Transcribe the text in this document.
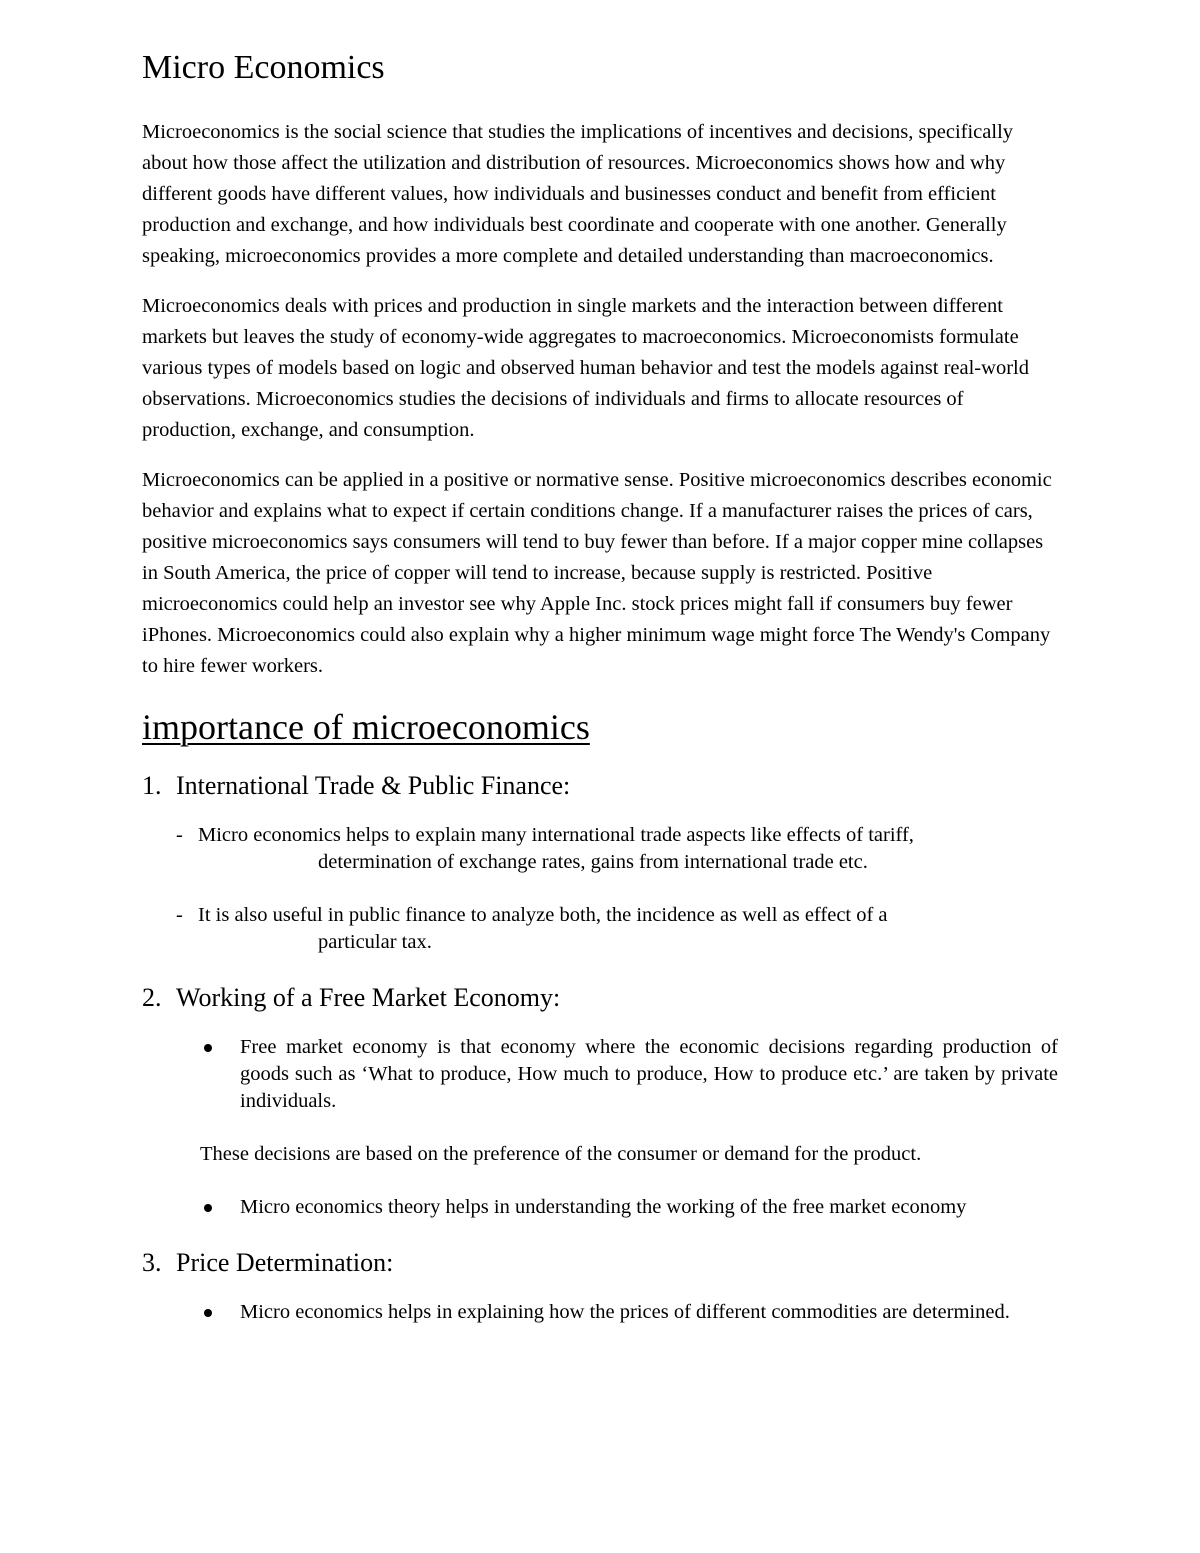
Micro Economics

Microeconomics is the social science that studies the implications of incentives and decisions, specifically about how those affect the utilization and distribution of resources. Microeconomics shows how and why different goods have different values, how individuals and businesses conduct and benefit from efficient production and exchange, and how individuals best coordinate and cooperate with one another. Generally speaking, microeconomics provides a more complete and detailed understanding than macroeconomics.

Microeconomics deals with prices and production in single markets and the interaction between different markets but leaves the study of economy-wide aggregates to macroeconomics. Microeconomists formulate various types of models based on logic and observed human behavior and test the models against real-world observations. Microeconomics studies the decisions of individuals and firms to allocate resources of production, exchange, and consumption.

Microeconomics can be applied in a positive or normative sense. Positive microeconomics describes economic behavior and explains what to expect if certain conditions change. If a manufacturer raises the prices of cars, positive microeconomics says consumers will tend to buy fewer than before. If a major copper mine collapses in South America, the price of copper will tend to increase, because supply is restricted. Positive microeconomics could help an investor see why Apple Inc. stock prices might fall if consumers buy fewer iPhones. Microeconomics could also explain why a higher minimum wage might force The Wendy's Company to hire fewer workers.

importance of microeconomics
1. International Trade & Public Finance:
- Micro economics helps to explain many international trade aspects like effects of tariff,
determination of exchange rates, gains from international trade etc.
- It is also useful in public finance to analyze both, the incidence as well as effect of a
particular tax.
2. Working of a Free Market Economy:
Free market economy is that economy where the economic decisions regarding production of goods such as ‘What to produce, How much to produce, How to produce etc.’ are taken by private individuals.

These decisions are based on the preference of the consumer or demand for the product.

Micro economics theory helps in understanding the working of the free market economy
3. Price Determination:
Micro economics helps in explaining how the prices of different commodities are determined.
